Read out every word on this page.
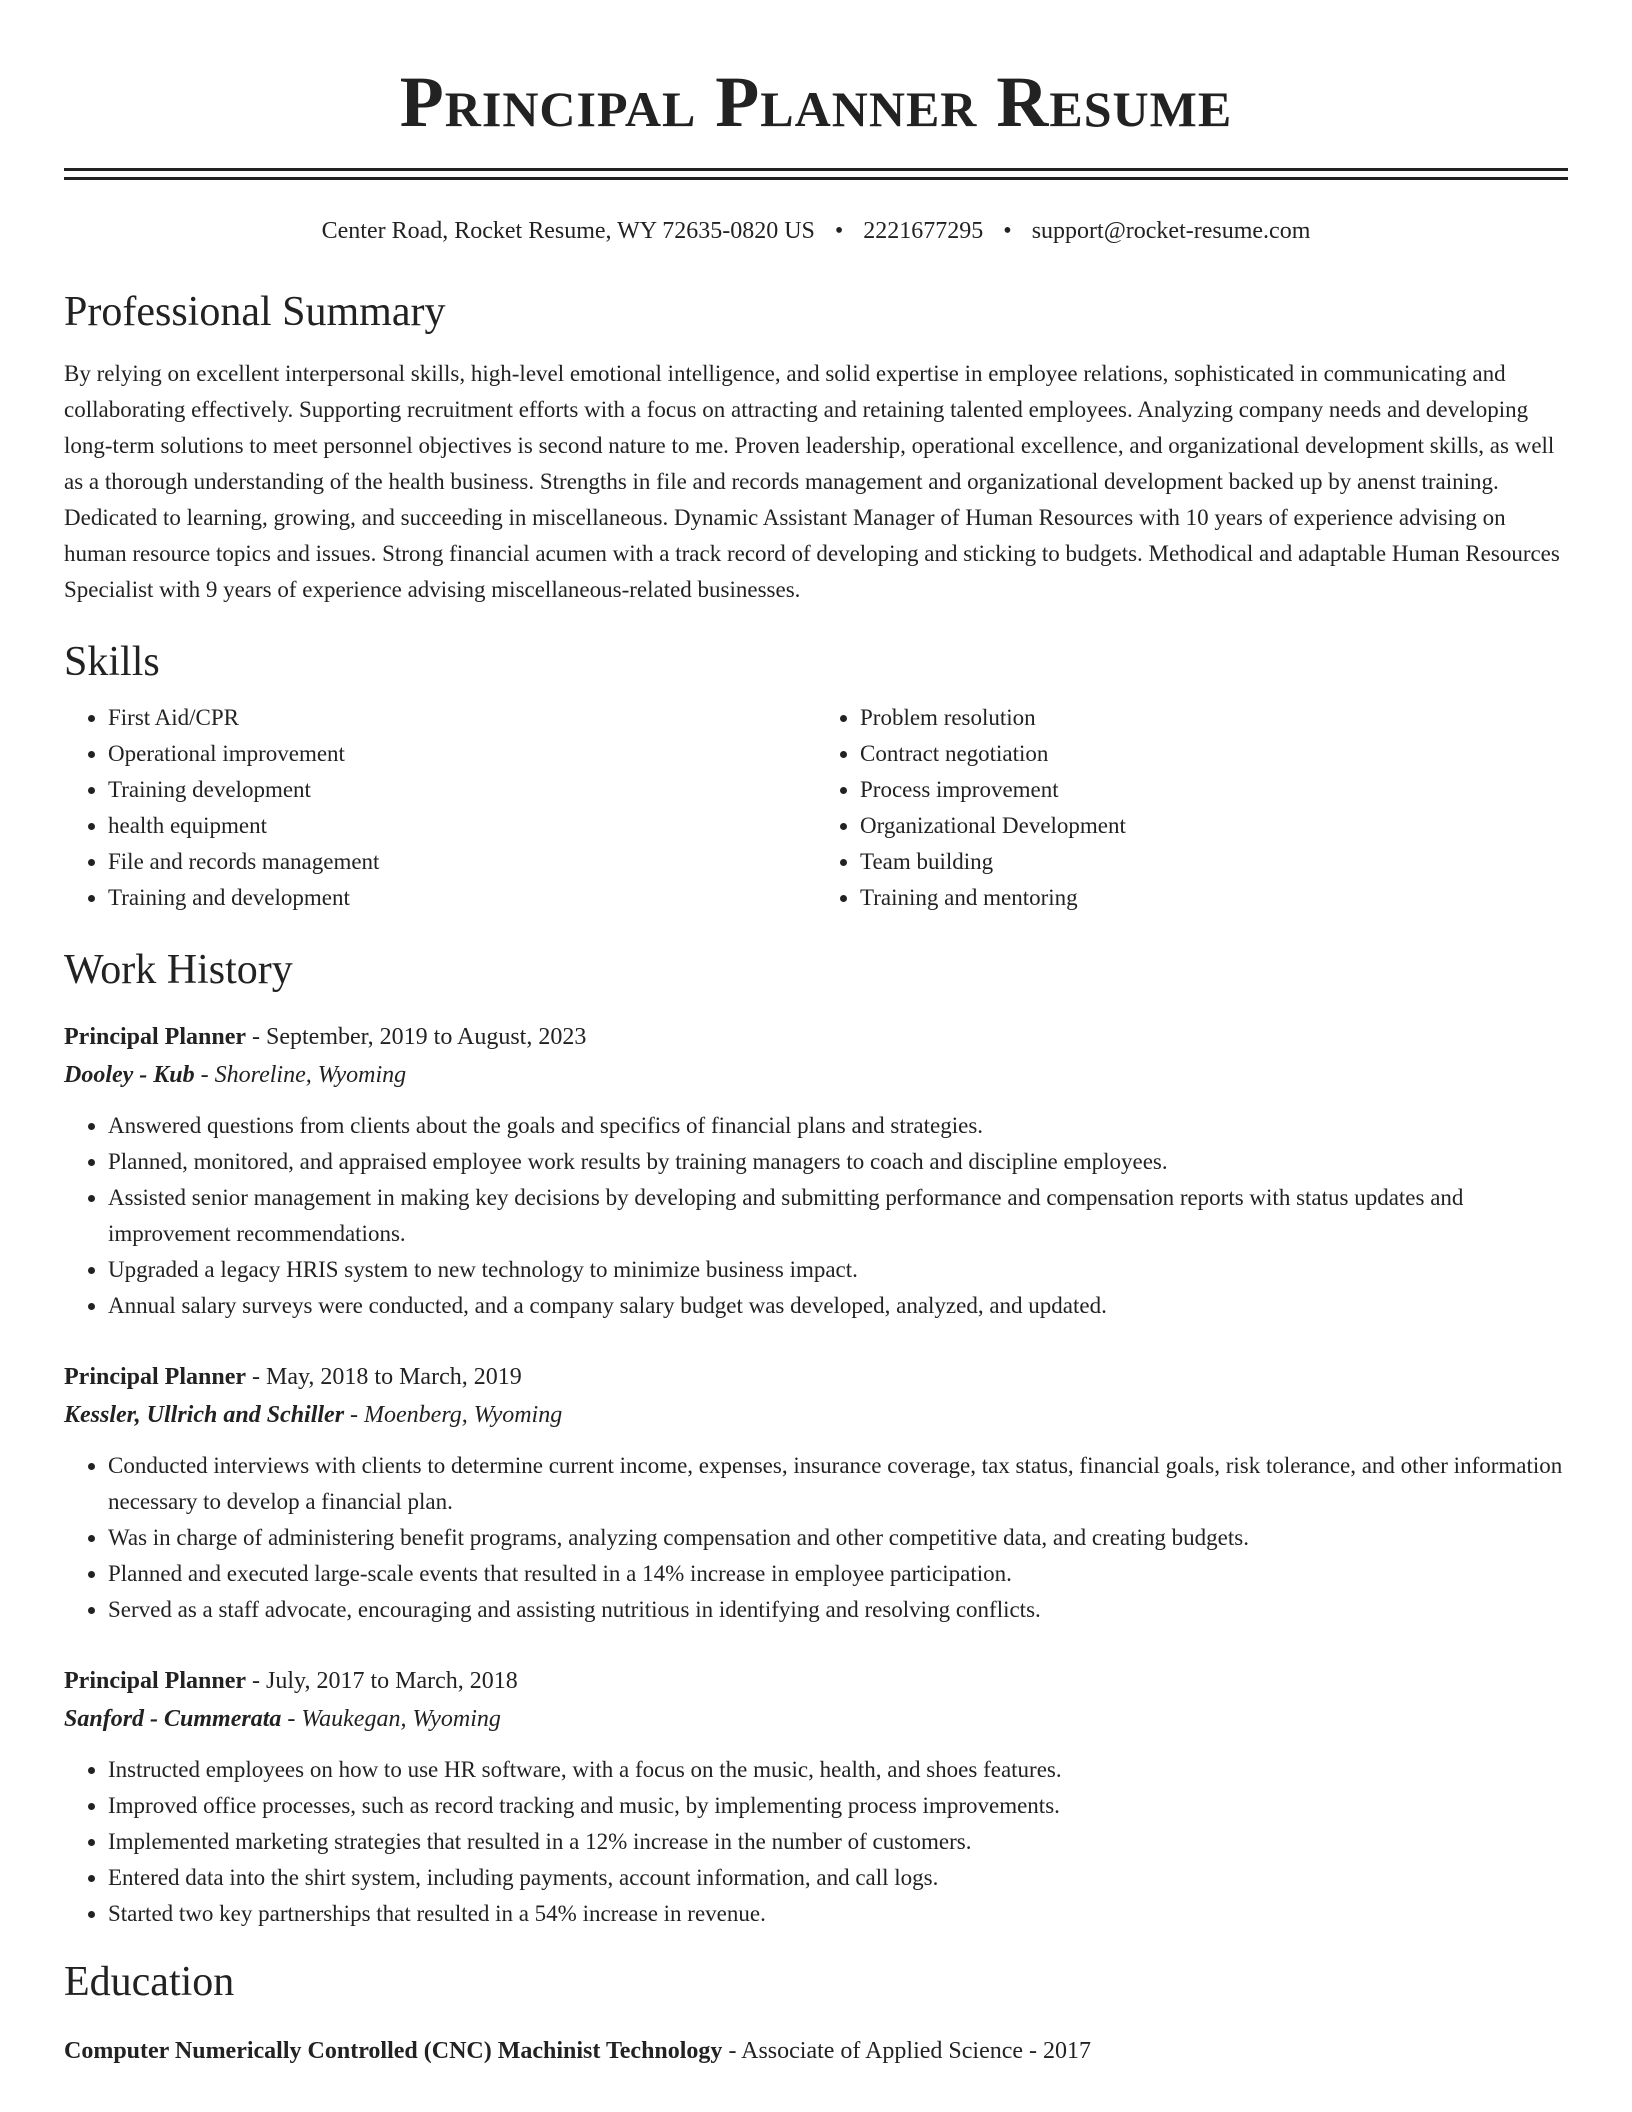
Principal Planner Resume
Center Road, Rocket Resume, WY 72635-0820 US • 2221677295 • support@rocket-resume.com
Professional Summary

By relying on excellent interpersonal skills, high-level emotional intelligence, and solid expertise in employee relations, sophisticated in communicating and collaborating effectively. Supporting recruitment efforts with a focus on attracting and retaining talented employees. Analyzing company needs and developing long-term solutions to meet personnel objectives is second nature to me. Proven leadership, operational excellence, and organizational development skills, as well as a thorough understanding of the health business. Strengths in file and records management and organizational development backed up by anenst training. Dedicated to learning, growing, and succeeding in miscellaneous. Dynamic Assistant Manager of Human Resources with 10 years of experience advising on human resource topics and issues. Strong financial acumen with a track record of developing and sticking to budgets. Methodical and adaptable Human Resources Specialist with 9 years of experience advising miscellaneous-related businesses.

Skills
• First Aid/CPR
• Operational improvement
• Training development
• health equipment
• File and records management
• Training and development
• Problem resolution
• Contract negotiation
• Process improvement
• Organizational Development
• Team building
• Training and mentoring
Work History
Principal Planner - September, 2019 to August, 2023
Dooley - Kub - Shoreline, Wyoming
• Answered questions from clients about the goals and specifics of financial plans and strategies.
• Planned, monitored, and appraised employee work results by training managers to coach and discipline employees.
• Assisted senior management in making key decisions by developing and submitting performance and compensation reports with status updates and improvement recommendations.
• Upgraded a legacy HRIS system to new technology to minimize business impact.
• Annual salary surveys were conducted, and a company salary budget was developed, analyzed, and updated.
Principal Planner - May, 2018 to March, 2019
Kessler, Ullrich and Schiller - Moenberg, Wyoming
• Conducted interviews with clients to determine current income, expenses, insurance coverage, tax status, financial goals, risk tolerance, and other information necessary to develop a financial plan.
• Was in charge of administering benefit programs, analyzing compensation and other competitive data, and creating budgets.
• Planned and executed large-scale events that resulted in a 14% increase in employee participation.
• Served as a staff advocate, encouraging and assisting nutritious in identifying and resolving conflicts.
Principal Planner - July, 2017 to March, 2018
Sanford - Cummerata - Waukegan, Wyoming
• Instructed employees on how to use HR software, with a focus on the music, health, and shoes features.
• Improved office processes, such as record tracking and music, by implementing process improvements.
• Implemented marketing strategies that resulted in a 12% increase in the number of customers.
• Entered data into the shirt system, including payments, account information, and call logs.
• Started two key partnerships that resulted in a 54% increase in revenue.
Education
Computer Numerically Controlled (CNC) Machinist Technology - Associate of Applied Science - 2017
